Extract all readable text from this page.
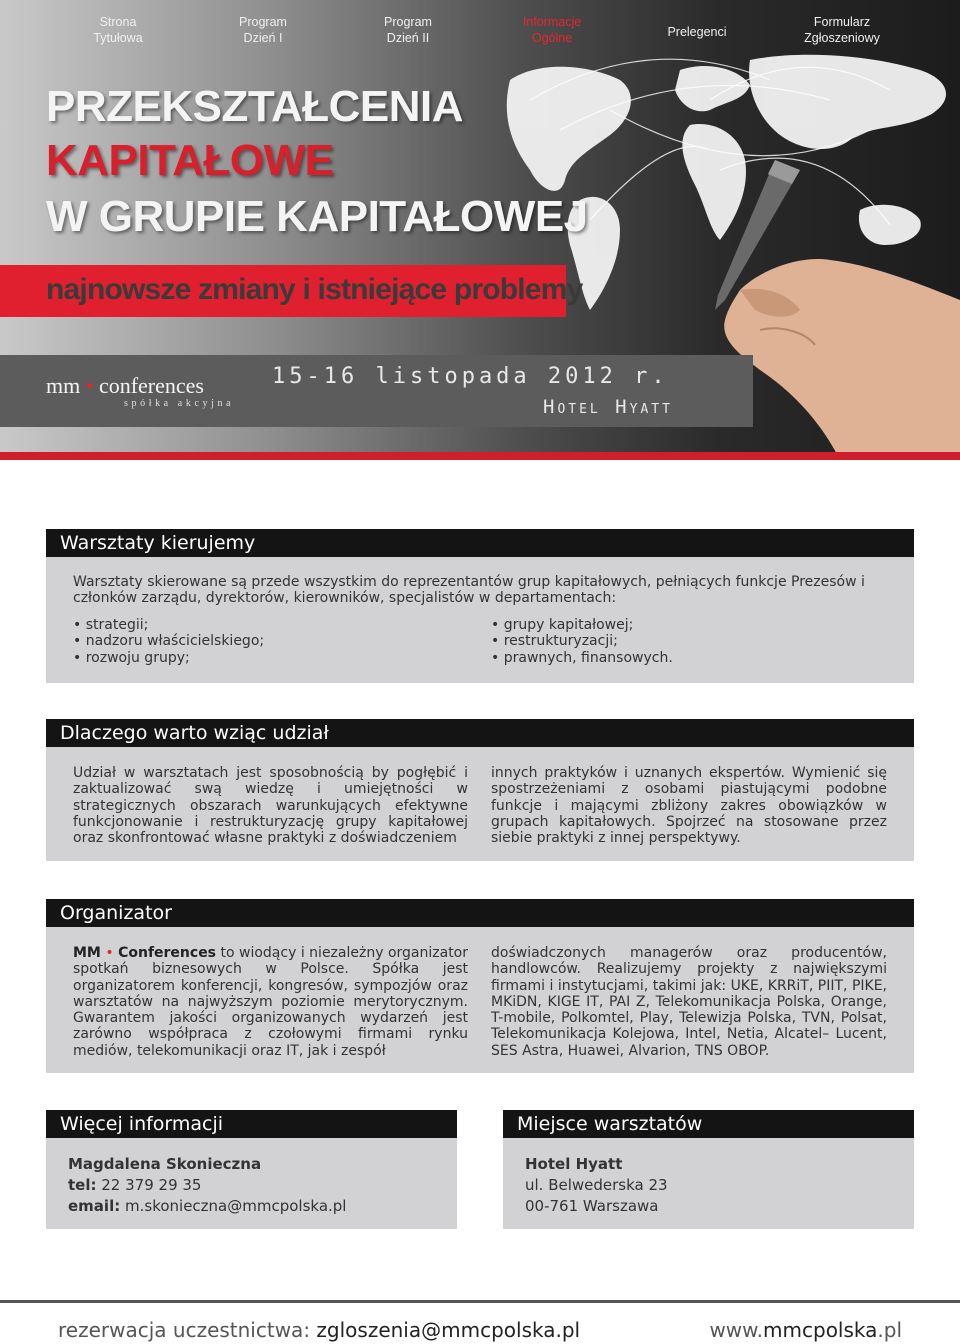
Strona
Tytułowa
Program
Dzień I
Program
Dzień II
Informacje
Ogólne	Prelegenci
Formularz
Zgłoszeniowy
PRZEKSZTAŁCENIA
KAPITAŁOWE
W GRUPIE KAPITAŁOWEJ
najnowsze zmiany i istniejące problemy
mm • conferences
spółka akcyjna
15-16 listopada 2012 r.
Hotel Hyatt
Warsztaty kierujemy
Warsztaty skierowane są przede wszystkim do reprezentantów grup kapitałowych, pełniących funkcje Prezesów i członków zarządu, dyrektorów, kierowników, specjalistów w departamentach:
• strategii;
• nadzoru właścicielskiego;
• rozwoju grupy;
• grupy kapitałowej;
• restrukturyzacji;
• prawnych, finansowych.
Dlaczego warto wziąc udział
Udział w warsztatach jest sposobnością by pogłębić i zaktualizować swą wiedzę i umiejętności w strategicznych obszarach warunkujących efektywne funkcjonowanie i restrukturyzację grupy kapitałowej oraz skonfrontować własne praktyki z doświadczeniem
innych praktyków i uznanych ekspertów. Wymienić się spostrzeżeniami z osobami piastującymi podobne funkcje i mającymi zbliżony zakres obowiązków w grupach kapitałowych. Spojrzeć na stosowane przez siebie praktyki z innej perspektywy.
Organizator
MM • Conferences to wiodący i niezależny organizator spotkań biznesowych w Polsce. Spółka jest organizatorem konferencji, kongresów, sympozjów oraz warsztatów na najwyższym poziomie merytorycznym. Gwarantem jakości organizowanych wydarzeń jest zarówno współpraca z czołowymi firmami rynku mediów, telekomunikacji oraz IT, jak i zespół
doświadczonych managerów oraz producentów, handlowców. Realizujemy projekty z największymi firmami i instytucjami, takimi jak: UKE, KRRiT, PIIT, PIKE, MKiDN, KIGE IT, PAI Z, Telekomunikacja Polska, Orange, T-mobile, Polkomtel, Play, Telewizja Polska, TVN, Polsat, Telekomunikacja Kolejowa, Intel, Netia, Alcatel– Lucent, SES Astra, Huawei, Alvarion, TNS OBOP.
Więcej informacji
Magdalena Skonieczna
tel: 22 379 29 35
email: m.skonieczna@mmcpolska.pl
Miejsce warsztatów
Hotel Hyatt
ul. Belwederska 23
00-761 Warszawa
rezerwacja uczestnictwa: zgloszenia@mmcpolska.pl	www.mmcpolska.pl
